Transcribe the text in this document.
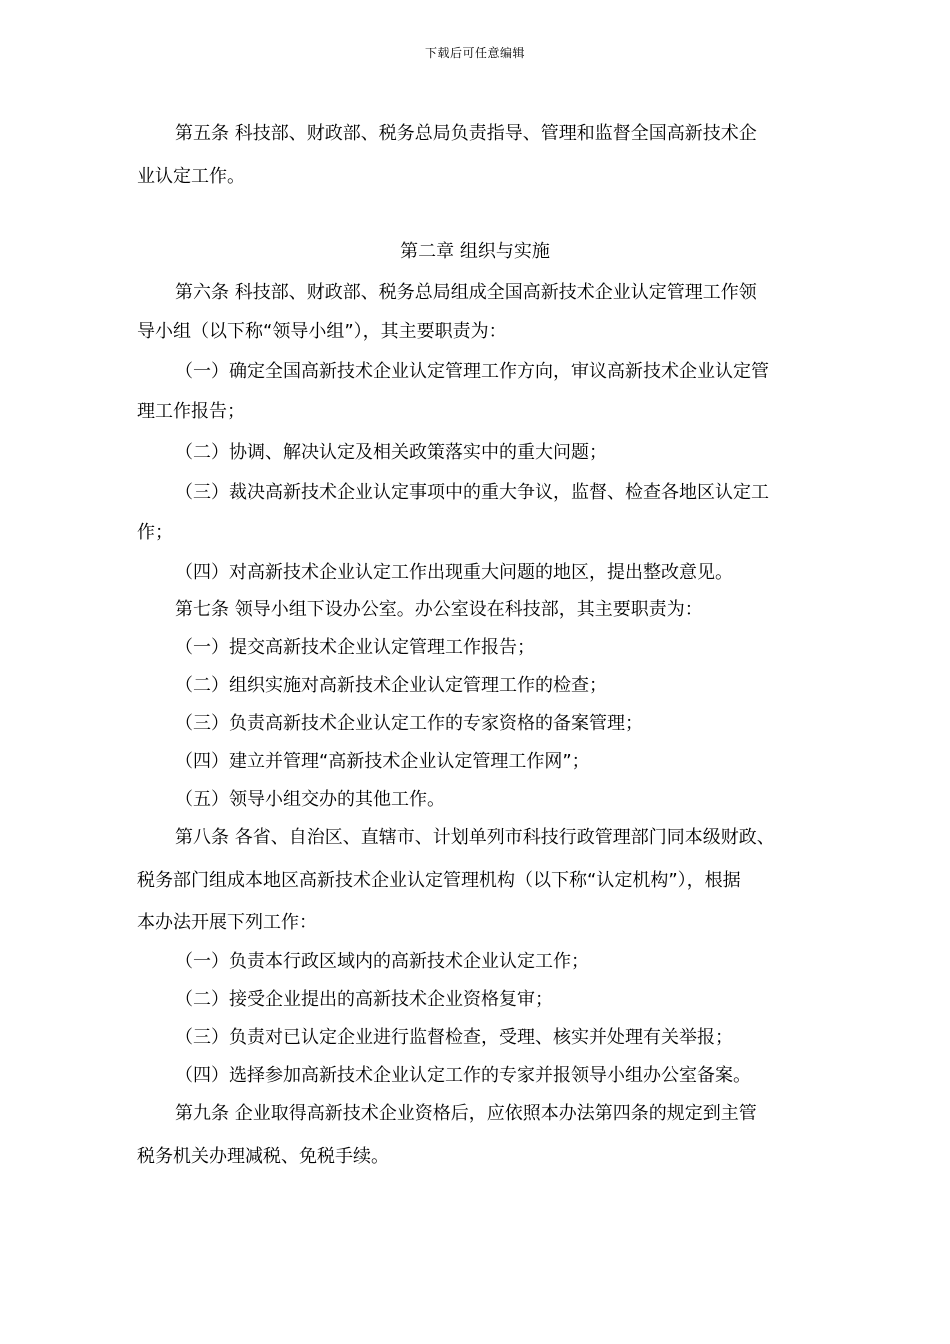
下载后可任意编辑
第五条 科技部、财政部、税务总局负责指导、管理和监督全国高新技术企
业认定工作。
第二章 组织与实施
第六条 科技部、财政部、税务总局组成全国高新技术企业认定管理工作领
导小组（以下称“领导小组”），其主要职责为：
（一）确定全国高新技术企业认定管理工作方向，审议高新技术企业认定管
理工作报告；
（二）协调、解决认定及相关政策落实中的重大问题；
（三）裁决高新技术企业认定事项中的重大争议，监督、检查各地区认定工
作；
（四）对高新技术企业认定工作出现重大问题的地区，提出整改意见。
第七条 领导小组下设办公室。办公室设在科技部，其主要职责为：
（一）提交高新技术企业认定管理工作报告；
（二）组织实施对高新技术企业认定管理工作的检查；
（三）负责高新技术企业认定工作的专家资格的备案管理；
（四）建立并管理“高新技术企业认定管理工作网”；
（五）领导小组交办的其他工作。
第八条 各省、自治区、直辖市、计划单列市科技行政管理部门同本级财政、
税务部门组成本地区高新技术企业认定管理机构（以下称“认定机构”），根据
本办法开展下列工作：
（一）负责本行政区域内的高新技术企业认定工作；
（二）接受企业提出的高新技术企业资格复审；
（三）负责对已认定企业进行监督检查，受理、核实并处理有关举报；
（四）选择参加高新技术企业认定工作的专家并报领导小组办公室备案。
第九条 企业取得高新技术企业资格后，应依照本办法第四条的规定到主管
税务机关办理减税、免税手续。
